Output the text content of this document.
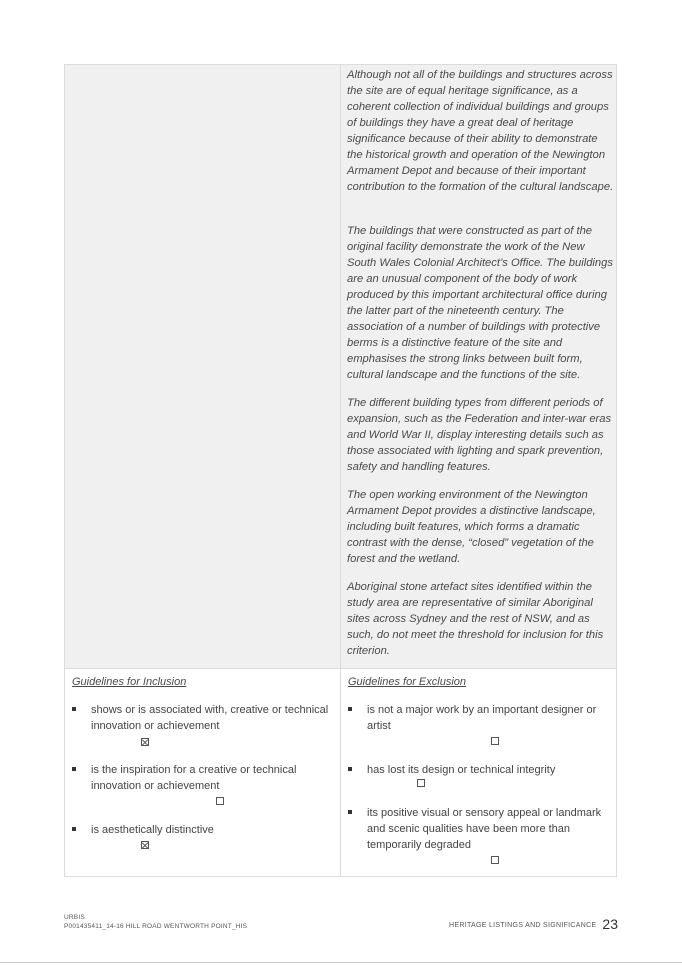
Although not all of the buildings and structures across the site are of equal heritage significance, as a coherent collection of individual buildings and groups of buildings they have a great deal of heritage significance because of their ability to demonstrate the historical growth and operation of the Newington Armament Depot and because of their important contribution to the formation of the cultural landscape.

The buildings that were constructed as part of the original facility demonstrate the work of the New South Wales Colonial Architect’s Office. The buildings are an unusual component of the body of work produced by this important architectural office during the latter part of the nineteenth century. The association of a number of buildings with protective berms is a distinctive feature of the site and emphasises the strong links between built form, cultural landscape and the functions of the site.

The different building types from different periods of expansion, such as the Federation and inter-war eras and World War II, display interesting details such as those associated with lighting and spark prevention, safety and handling features.

The open working environment of the Newington Armament Depot provides a distinctive landscape, including built features, which forms a dramatic contrast with the dense, “closed” vegetation of the forest and the wetland.

Aboriginal stone artefact sites identified within the study area are representative of similar Aboriginal sites across Sydney and the rest of NSW, and as such, do not meet the threshold for inclusion for this criterion.

Guidelines for Inclusion

shows or is associated with, creative or technical innovation or achievement

is the inspiration for a creative or technical innovation or achievement

is aesthetically distinctive

Guidelines for Exclusion

is not a major work by an important designer or artist

has lost its design or technical integrity

its positive visual or sensory appeal or landmark and scenic qualities have been more than temporarily degraded

URBIS
P001435411_14-16 HILL ROAD WENTWORTH POINT_HIS	HERITAGE LISTINGS AND SIGNIFICANCE 23
